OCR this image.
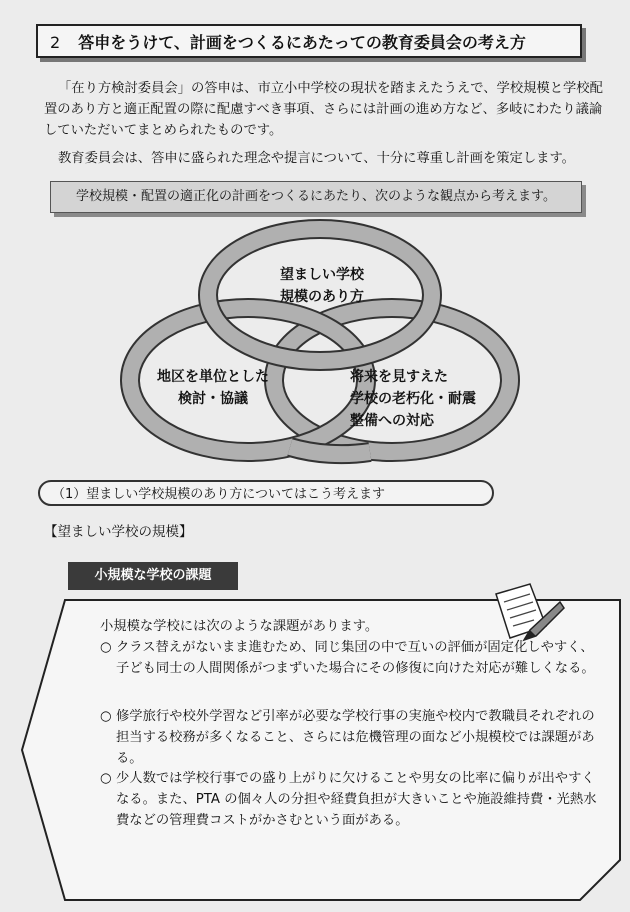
2 答申をうけて、計画をつくるにあたっての教育委員会の考え方

「在り方検討委員会」の答申は、市立小中学校の現状を踏まえたうえで、学校規模と学校配置のあり方と適正配置の際に配慮すべき事項、さらには計画の進め方など、多岐にわたり議論していただいてまとめられたものです。

教育委員会は、答申に盛られた理念や提言について、十分に尊重し計画を策定します。

学校規模・配置の適正化の計画をつくるにあたり、次のような観点から考えます。
望ましい学校
規模のあり方
地区を単位とした
検討・協議
将来を見すえた
学校の老朽化・耐震
整備への対応
（1）望ましい学校規模のあり方についてはこう考えます

【望ましい学校の規模】

小規模な学校の課題

小規模な学校には次のような課題があります。

○ クラス替えがないまま進むため、同じ集団の中で互いの評価が固定化しやすく、子ども同士の人間関係がつまずいた場合にその修復に向けた対応が難しくなる。

○ 修学旅行や校外学習など引率が必要な学校行事の実施や校内で教職員それぞれの担当する校務が多くなること、さらには危機管理の面など小規模校では課題がある。

○ 少人数では学校行事での盛り上がりに欠けることや男女の比率に偏りが出やすくなる。また、PTA の個々人の分担や経費負担が大きいことや施設維持費・光熱水費などの管理費コストがかさむという面がある。
